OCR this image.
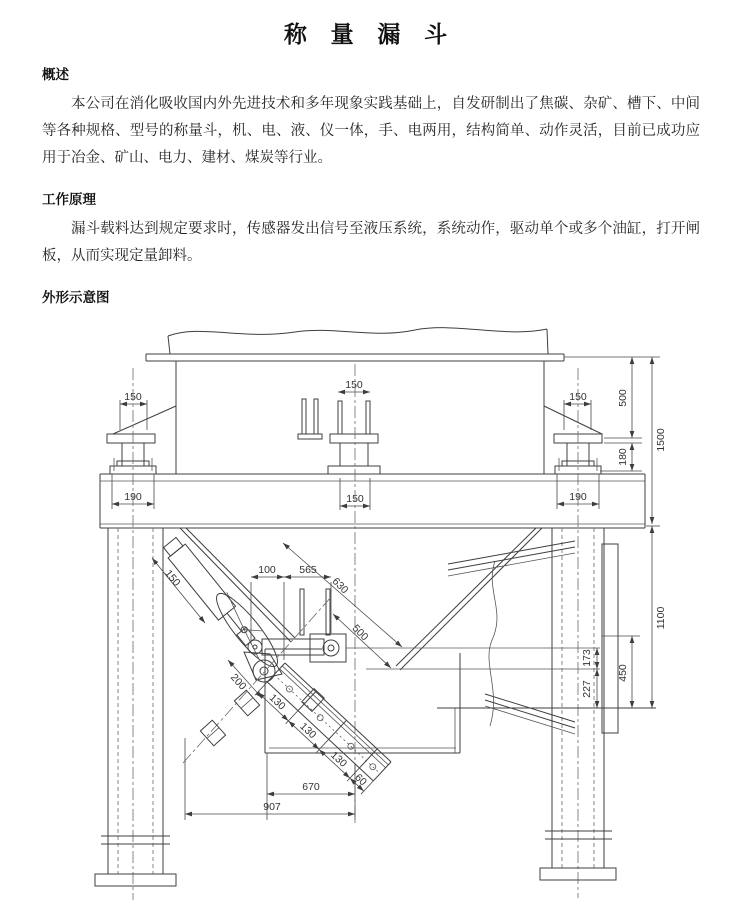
称 量 漏 斗
概述

本公司在消化吸收国内外先进技术和多年现象实践基础上，自发研制出了焦碳、杂矿、槽下、中间等各种规格、型号的称量斗，机、电、液、仪一体，手、电两用，结构简单、动作灵活，目前已成功应用于冶金、矿山、电力、建材、煤炭等行业。

工作原理

漏斗载料达到规定要求时，传感器发出信号至液压系统，系统动作，驱动单个或多个油缸，打开闸板，从而实现定量卸料。

外形示意图
150
190
150
190
150
150
150
130
130
130
60
100 565
630
500
200
173
227
670
907
500
180
1500
1100
450
